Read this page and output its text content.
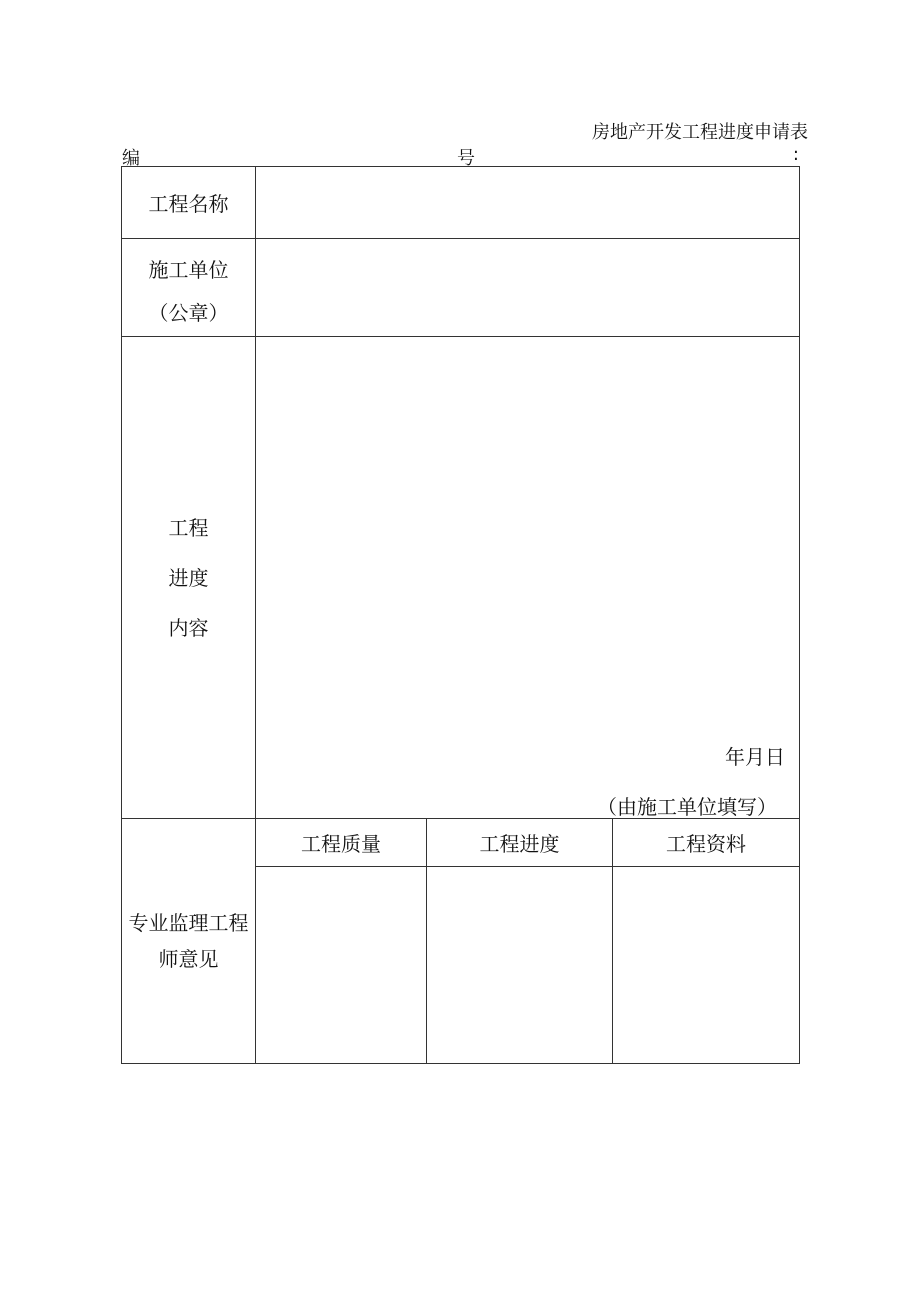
房地产开发工程进度申请表
编	号	:
工程名称			

施工单位
（公章）			

工程
进度
内容	年月日
（由施工单位填写）		

专业监理工程
师意见	工程质量	工程进度	工程资料
